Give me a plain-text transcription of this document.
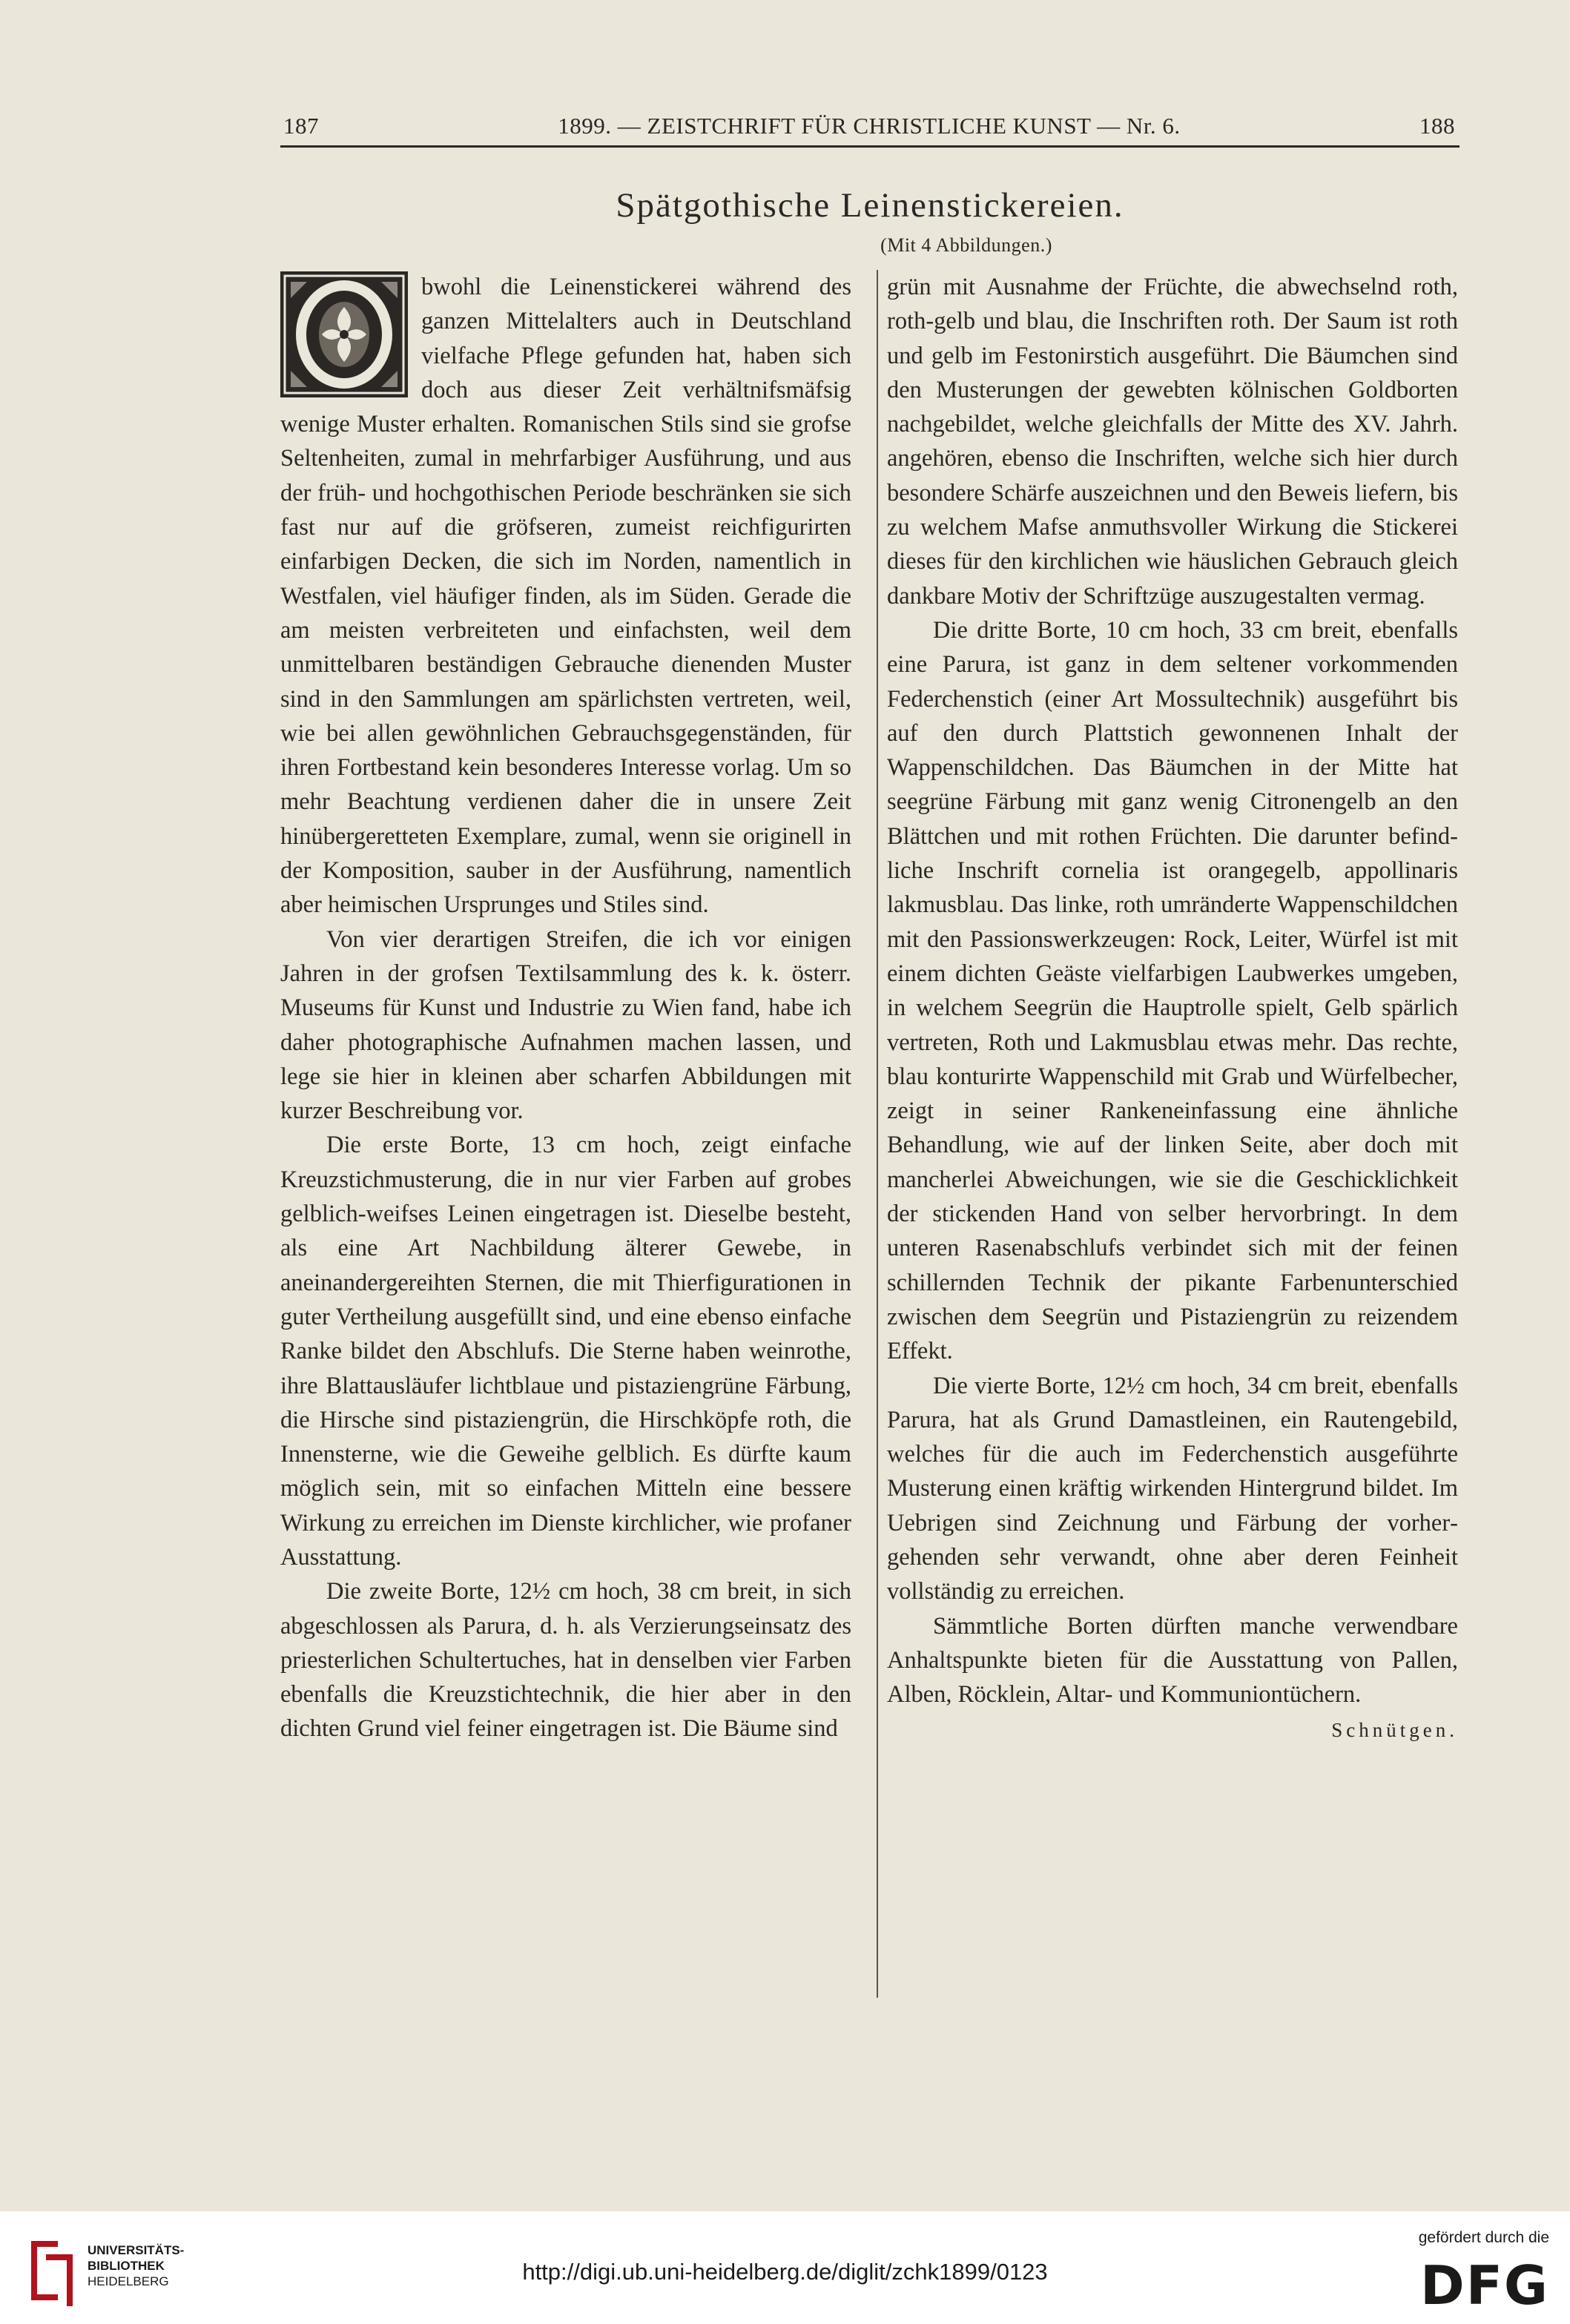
187	1899. — ZEISTCHRIFT FÜR CHRISTLICHE KUNST — Nr. 6.	188
Spätgothische Leinenstickereien.
(Mit 4 Abbildungen.)

bwohl die Leinenstickerei während des ganzen Mittelalters auch in Deutschland vielfache Pflege gefunden hat, haben sich doch aus dieser Zeit verhältnifsmäfsig wenige Muster erhalten. Romanischen Stils sind sie grofse Seltenheiten, zumal in mehrfarbiger Ausführung, und aus der früh- und hochgothischen Periode beschränken sie sich fast nur auf die gröfseren, zumeist reichfigurirten einfarbigen Decken, die sich im Norden, namentlich in Westfalen, viel häufiger finden, als im Süden. Gerade die am meisten verbreiteten und einfachsten, weil dem unmittelbaren beständigen Gebrauche dienenden Muster sind in den Sammlungen am spärlichsten vertreten, weil, wie bei allen gewöhnlichen Gebrauchsgegenständen, für ihren Fortbestand kein besonderes Interesse vorlag. Um so mehr Beachtung verdienen daher die in unsere Zeit hinübergeretteten Exemplare, zumal, wenn sie originell in der Komposition, sauber in der Ausführung, namentlich aber heimischen Ursprunges und Stiles sind.

Von vier derartigen Streifen, die ich vor einigen Jahren in der grofsen Textilsammlung des k. k. österr. Museums für Kunst und Industrie zu Wien fand, habe ich daher photographische Aufnahmen machen lassen, und lege sie hier in kleinen aber scharfen Abbildungen mit kurzer Beschreibung vor.

Die erste Borte, 13 cm hoch, zeigt einfache Kreuzstichmusterung, die in nur vier Farben auf grobes gelblich-weifses Leinen eingetragen ist. Dieselbe besteht, als eine Art Nachbildung älterer Gewebe, in aneinandergereihten Sternen, die mit Thierfigurationen in guter Vertheilung ausgefüllt sind, und eine ebenso einfache Ranke bildet den Abschlufs. Die Sterne haben weinrothe, ihre Blattausläufer lichtblaue und pistaziengrüne Färbung, die Hirsche sind pistaziengrün, die Hirschköpfe roth, die Innensterne, wie die Geweihe gelblich. Es dürfte kaum möglich sein, mit so einfachen Mitteln eine bessere Wirkung zu erreichen im Dienste kirchlicher, wie profaner Ausstattung.

Die zweite Borte, 12½ cm hoch, 38 cm breit, in sich abgeschlossen als Parura, d. h. als Verzierungseinsatz des priesterlichen Schultertuches, hat in denselben vier Farben ebenfalls die Kreuzstichtechnik, die hier aber in den dichten Grund viel feiner eingetragen ist. Die Bäume sind

grün mit Ausnahme der Früchte, die abwechselnd roth, roth-gelb und blau, die Inschriften roth. Der Saum ist roth und gelb im Festonirstich ausgeführt. Die Bäumchen sind den Musterungen der gewebten kölnischen Goldborten nachgebildet, welche gleichfalls der Mitte des XV. Jahrh. angehören, ebenso die Inschriften, welche sich hier durch besondere Schärfe auszeichnen und den Beweis liefern, bis zu welchem Mafse anmuthsvoller Wirkung die Stickerei dieses für den kirchlichen wie häuslichen Gebrauch gleich dankbare Motiv der Schriftzüge auszugestalten vermag.

Die dritte Borte, 10 cm hoch, 33 cm breit, ebenfalls eine Parura, ist ganz in dem seltener vorkommenden Federchenstich (einer Art Mossultechnik) ausgeführt bis auf den durch Plattstich gewonnenen Inhalt der Wappenschildchen. Das Bäumchen in der Mitte hat seegrüne Färbung mit ganz wenig Citronengelb an den Blättchen und mit rothen Früchten. Die darunter befindliche Inschrift cornelia ist orangegelb, appollinaris lakmusblau. Das linke, roth umränderte Wappenschildchen mit den Passionswerkzeugen: Rock, Leiter, Würfel ist mit einem dichten Geäste vielfarbigen Laubwerkes umgeben, in welchem Seegrün die Hauptrolle spielt, Gelb spärlich vertreten, Roth und Lakmusblau etwas mehr. Das rechte, blau konturirte Wappenschild mit Grab und Würfelbecher, zeigt in seiner Rankeneinfassung eine ähnliche Behandlung, wie auf der linken Seite, aber doch mit mancherlei Abweichungen, wie sie die Geschicklichkeit der stickenden Hand von selber hervorbringt. In dem unteren Rasenabschlufs verbindet sich mit der feinen schillernden Technik der pikante Farbenunterschied zwischen dem Seegrün und Pistaziengrün zu reizendem Effekt.

Die vierte Borte, 12½ cm hoch, 34 cm breit, ebenfalls Parura, hat als Grund Damastleinen, ein Rautengebild, welches für die auch im Federchenstich ausgeführte Musterung einen kräftig wirkenden Hintergrund bildet. Im Uebrigen sind Zeichnung und Färbung der vorhergehenden sehr verwandt, ohne aber deren Feinheit vollständig zu erreichen.

Sämmtliche Borten dürften manche verwendbare Anhaltspunkte bieten für die Ausstattung von Pallen, Alben, Röcklein, Altar- und Kommuniontüchern.
Schnütgen.

UNIVERSITÄTS-
BIBLIOTHEK
HEIDELBERG	http://digi.ub.uni-heidelberg.de/diglit/zchk1899/0123
gefördert durch die
DFG
